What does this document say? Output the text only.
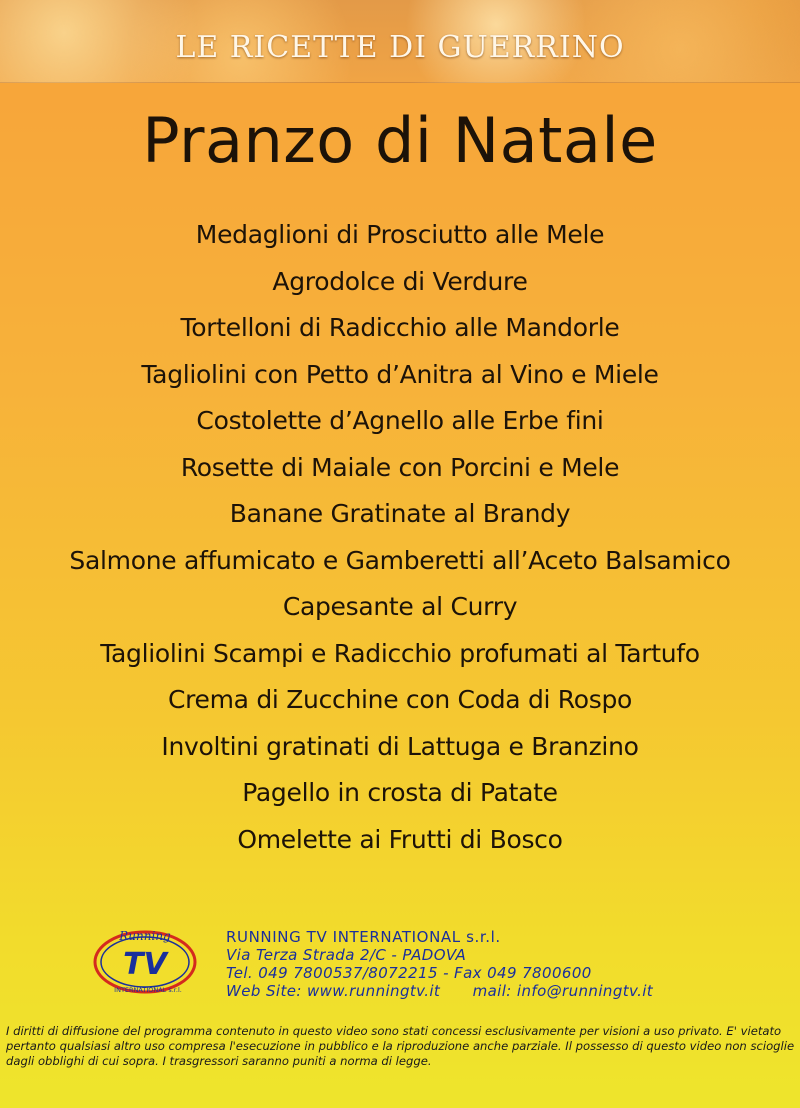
LE RICETTE DI GUERRINO
Pranzo di Natale
Medaglioni di Prosciutto alle Mele
Agrodolce di Verdure
Tortelloni di Radicchio alle Mandorle
Tagliolini con Petto d’Anitra al Vino e Miele
Costolette d’Agnello alle Erbe fini
Rosette di Maiale con Porcini e Mele
Banane Gratinate al Brandy
Salmone affumicato e Gamberetti all’Aceto Balsamico
Capesante al Curry
Tagliolini Scampi e Radicchio profumati al Tartufo
Crema di Zucchine con Coda di Rospo
Involtini gratinati di Lattuga e Branzino
Pagello in crosta di Patate
Omelette ai Frutti di Bosco
Running
TV
INTERNATIONAL s.r.l.
RUNNING TV INTERNATIONAL s.r.l.
Via Terza Strada 2/C - PADOVA
Tel. 049 7800537/8072215 - Fax 049 7800600
Web Site: www.runningtv.it mail: info@runningtv.it
I diritti di diffusione del programma contenuto in questo video sono stati concessi esclusivamente per visioni a uso privato. E' vietato pertanto qualsiasi altro uso compresa l'esecuzione in pubblico e la riproduzione anche parziale. Il possesso di questo video non scioglie dagli obblighi di cui sopra. I trasgressori saranno puniti a norma di legge.
